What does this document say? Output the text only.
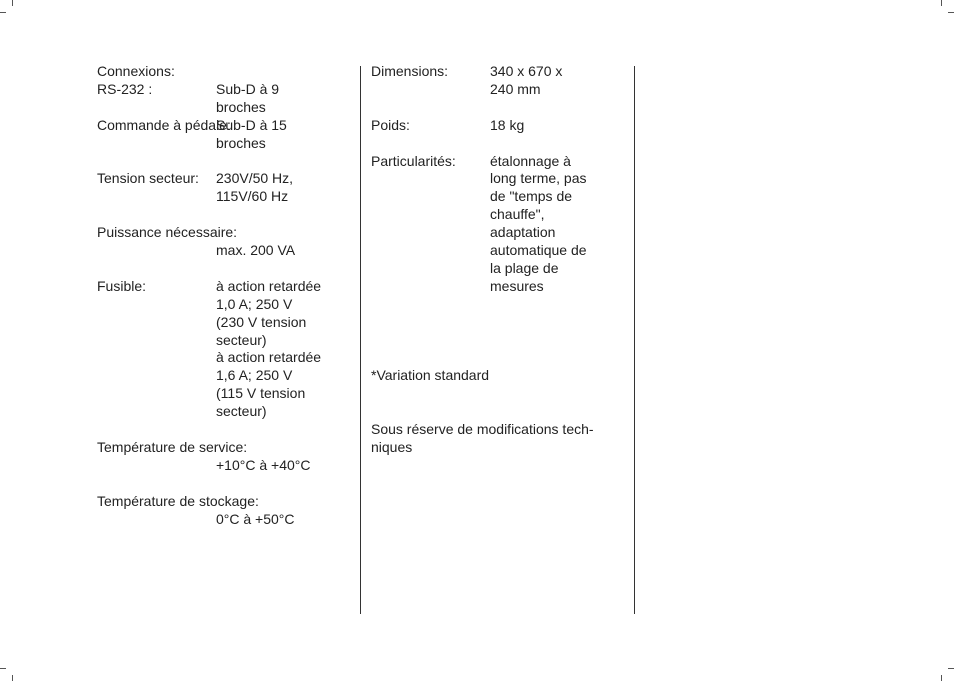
Connexions:
RS-232 :	Sub-D à 9
broches
Commande à pédale:
Sub-D à 15
broches
Tension secteur:	230V/50 Hz,
115V/60 Hz
Puissance nécessaire:
max. 200 VA
Fusible:	à action retardée
1,0 A; 250 V
(230 V tension
secteur)
à action retardée
1,6 A; 250 V
(115 V tension
secteur)
Température de service:
+10°C à +40°C
Température de stockage:
0°C à +50°C
Dimensions:	340 x 670 x
240 mm
Poids:	18 kg
Particularités:	étalonnage à
long terme, pas
de "temps de
chauffe",
adaptation
automatique de
la plage de
mesures
*Variation standard
Sous réserve de modifications tech-
niques
